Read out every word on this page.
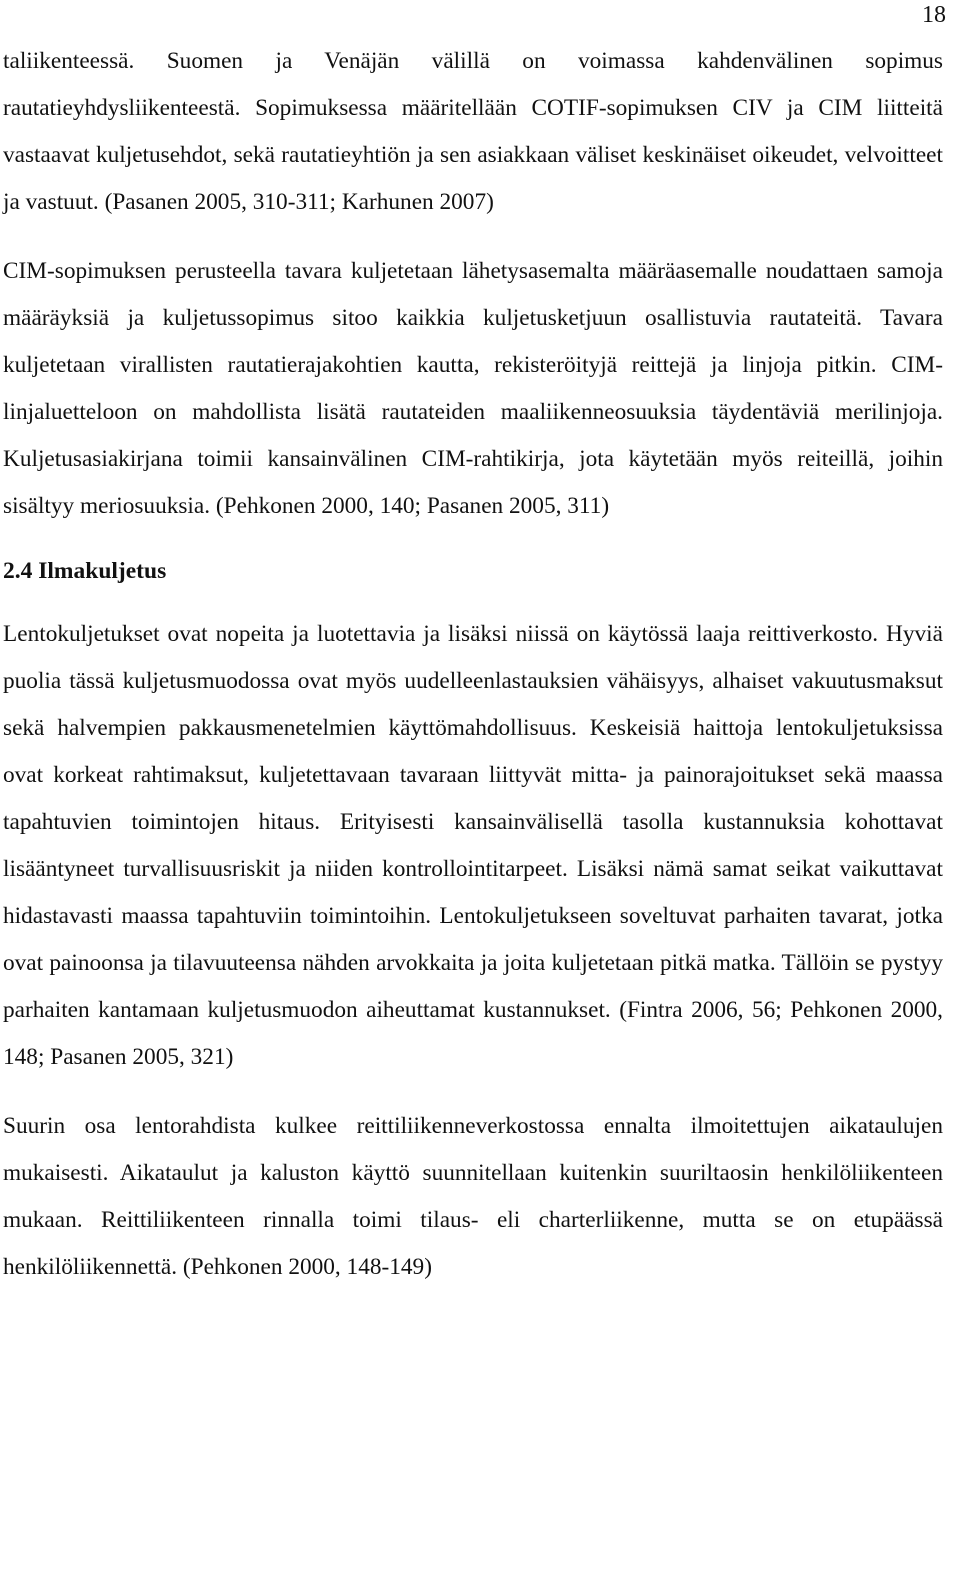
18

taliikenteessä. Suomen ja Venäjän välillä on voimassa kahdenvälinen sopimus rautatieyhdysliikenteestä. Sopimuksessa määritellään COTIF-sopimuksen CIV ja CIM liitteitä vastaavat kuljetusehdot, sekä rautatieyhtiön ja sen asiakkaan väliset keskinäiset oikeudet, velvoitteet ja vastuut. (Pasanen 2005, 310-311; Karhunen 2007)

CIM-sopimuksen perusteella tavara kuljetetaan lähetysasemalta määräasemalle noudattaen samoja määräyksiä ja kuljetussopimus sitoo kaikkia kuljetusketjuun osallistuvia rautateitä. Tavara kuljetetaan virallisten rautatierajakohtien kautta, rekisteröityjä reittejä ja linjoja pitkin. CIM-linjaluetteloon on mahdollista lisätä rautateiden maaliikenneosuuksia täydentäviä merilinjoja. Kuljetusasiakirjana toimii kansainvälinen CIM-rahtikirja, jota käytetään myös reiteillä, joihin sisältyy meriosuuksia. (Pehkonen 2000, 140; Pasanen 2005, 311)

2.4 Ilmakuljetus

Lentokuljetukset ovat nopeita ja luotettavia ja lisäksi niissä on käytössä laaja reittiverkosto. Hyviä puolia tässä kuljetusmuodossa ovat myös uudelleenlastauksien vähäisyys, alhaiset vakuutusmaksut sekä halvempien pakkausmenetelmien käyttömahdollisuus. Keskeisiä haittoja lentokuljetuksissa ovat korkeat rahtimaksut, kuljetettavaan tavaraan liittyvät mitta- ja painorajoitukset sekä maassa tapahtuvien toimintojen hitaus. Erityisesti kansainvälisellä tasolla kustannuksia kohottavat lisääntyneet turvallisuusriskit ja niiden kontrollointitarpeet. Lisäksi nämä samat seikat vaikuttavat hidastavasti maassa tapahtuviin toimintoihin. Lentokuljetukseen soveltuvat parhaiten tavarat, jotka ovat painoonsa ja tilavuuteensa nähden arvokkaita ja joita kuljetetaan pitkä matka. Tällöin se pystyy parhaiten kantamaan kuljetusmuodon aiheuttamat kustannukset. (Fintra 2006, 56; Pehkonen 2000, 148; Pasanen 2005, 321)

Suurin osa lentorahdista kulkee reittiliikenneverkostossa ennalta ilmoitettujen aikataulujen mukaisesti. Aikataulut ja kaluston käyttö suunnitellaan kuitenkin suuriltaosin henkilöliikenteen mukaan. Reittiliikenteen rinnalla toimi tilaus- eli charterliikenne, mutta se on etupäässä henkilöliikennettä. (Pehkonen 2000, 148-149)
